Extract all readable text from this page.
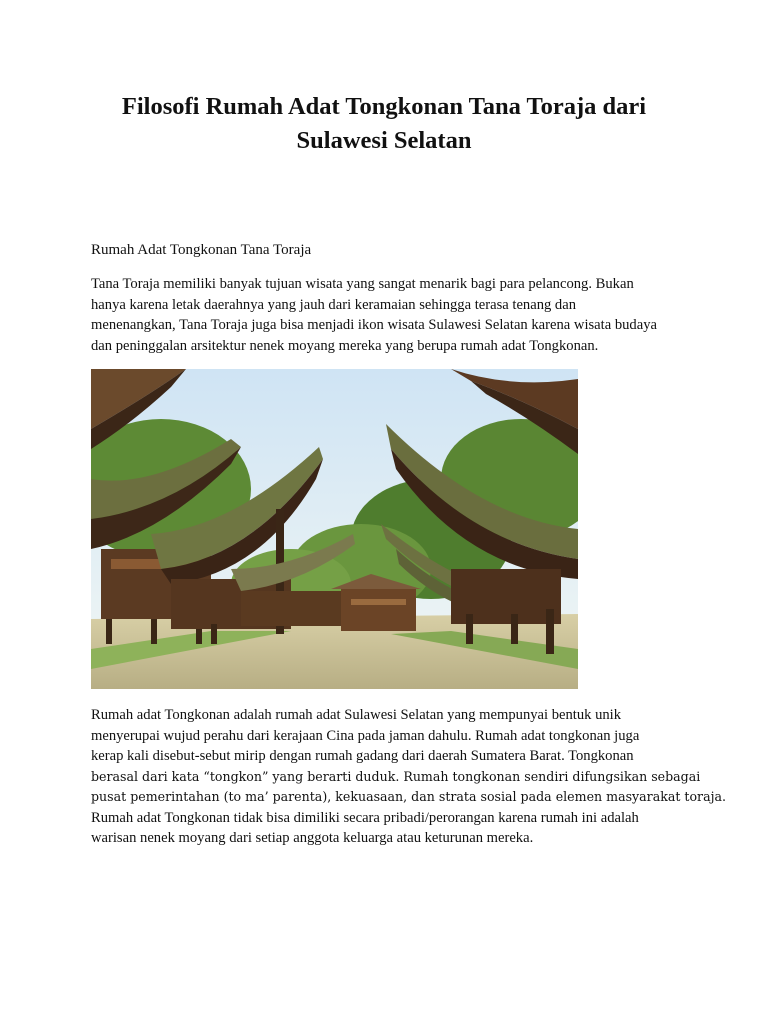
Filosofi Rumah Adat Tongkonan Tana Toraja dari
Sulawesi Selatan

Rumah Adat Tongkonan Tana Toraja

Tana Toraja memiliki banyak tujuan wisata yang sangat menarik bagi para pelancong. Bukan
hanya karena letak daerahnya yang jauh dari keramaian sehingga terasa tenang dan
menenangkan, Tana Toraja juga bisa menjadi ikon wisata Sulawesi Selatan karena wisata budaya
dan peninggalan arsitektur nenek moyang mereka yang berupa rumah adat Tongkonan.
Rumah adat Tongkonan adalah rumah adat Sulawesi Selatan yang mempunyai bentuk unik
menyerupai wujud perahu dari kerajaan Cina pada jaman dahulu. Rumah adat tongkonan juga
kerap kali disebut-sebut mirip dengan rumah gadang dari daerah Sumatera Barat. Tongkonan
berasal dari kata “tongkon” yang berarti duduk. Rumah tongkonan sendiri difungsikan sebagai
pusat pemerintahan (to ma’ parenta), kekuasaan, dan strata sosial pada elemen masyarakat toraja.
Rumah adat Tongkonan tidak bisa dimiliki secara pribadi/perorangan karena rumah ini adalah
warisan nenek moyang dari setiap anggota keluarga atau keturunan mereka.
